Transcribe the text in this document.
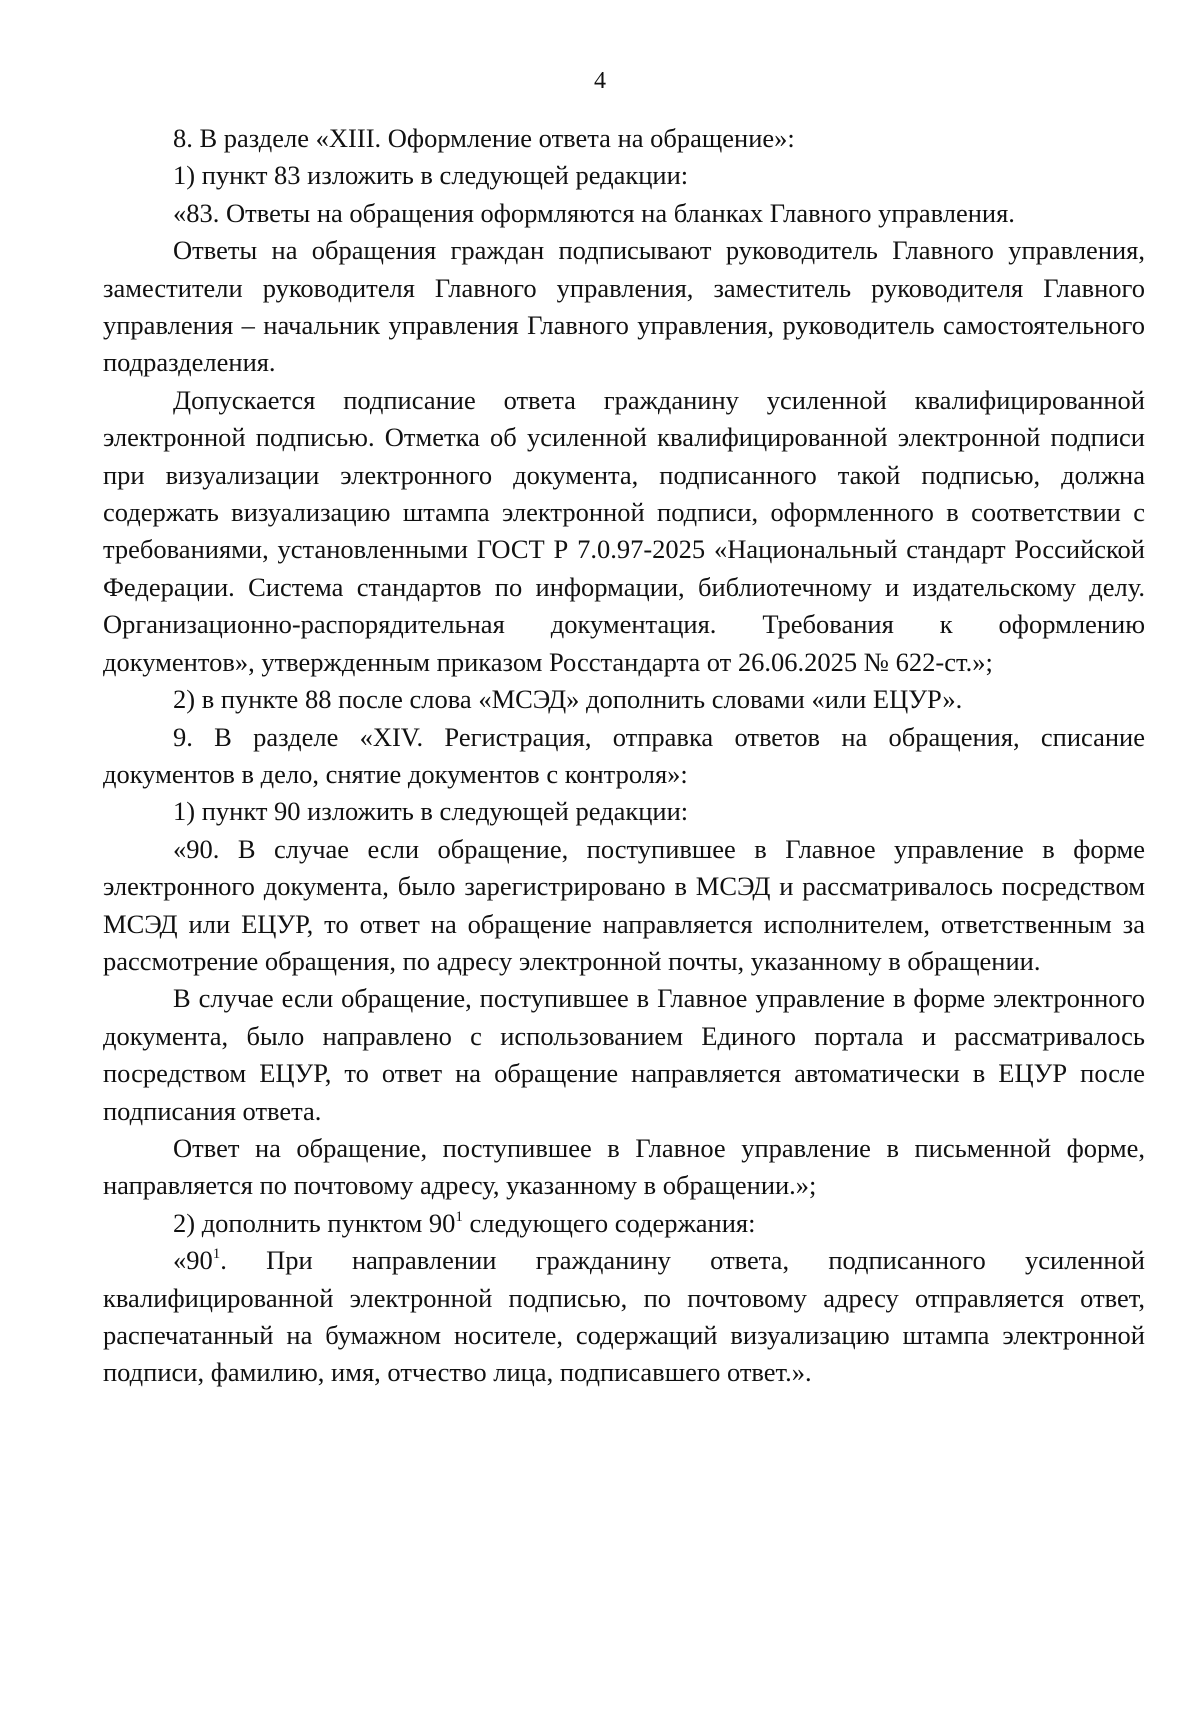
4

8. В разделе «XIII. Оформление ответа на обращение»:

1) пункт 83 изложить в следующей редакции:

«83. Ответы на обращения оформляются на бланках Главного управления.

Ответы на обращения граждан подписывают руководитель Главного управления, заместители руководителя Главного управления, заместитель руководителя Главного управления – начальник управления Главного управления, руководитель самостоятельного подразделения.

Допускается подписание ответа гражданину усиленной квалифицированной электронной подписью. Отметка об усиленной квалифицированной электронной подписи при визуализации электронного документа, подписанного такой подписью, должна содержать визуализацию штампа электронной подписи, оформленного в соответствии с требованиями, установленными ГОСТ Р 7.0.97-2025 «Национальный стандарт Российской Федерации. Система стандартов по информации, библиотечному и издательскому делу. Организационно-распорядительная документация. Требования к оформлению документов», утвержденным приказом Росстандарта от 26.06.2025 № 622-ст.»;

2) в пункте 88 после слова «МСЭД» дополнить словами «или ЕЦУР».

9. В разделе «XIV. Регистрация, отправка ответов на обращения, списание документов в дело, снятие документов с контроля»:

1) пункт 90 изложить в следующей редакции:

«90. В случае если обращение, поступившее в Главное управление в форме электронного документа, было зарегистрировано в МСЭД и рассматривалось посредством МСЭД или ЕЦУР, то ответ на обращение направляется исполнителем, ответственным за рассмотрение обращения, по адресу электронной почты, указанному в обращении.

В случае если обращение, поступившее в Главное управление в форме электронного документа, было направлено с использованием Единого портала и рассматривалось посредством ЕЦУР, то ответ на обращение направляется автоматически в ЕЦУР после подписания ответа.

Ответ на обращение, поступившее в Главное управление в письменной форме, направляется по почтовому адресу, указанному в обращении.»;

2) дополнить пунктом $90^1$ следующего содержания:

«$90^1$. При направлении гражданину ответа, подписанного усиленной квалифицированной электронной подписью, по почтовому адресу отправляется ответ, распечатанный на бумажном носителе, содержащий визуализацию штампа электронной подписи, фамилию, имя, отчество лица, подписавшего ответ.».
